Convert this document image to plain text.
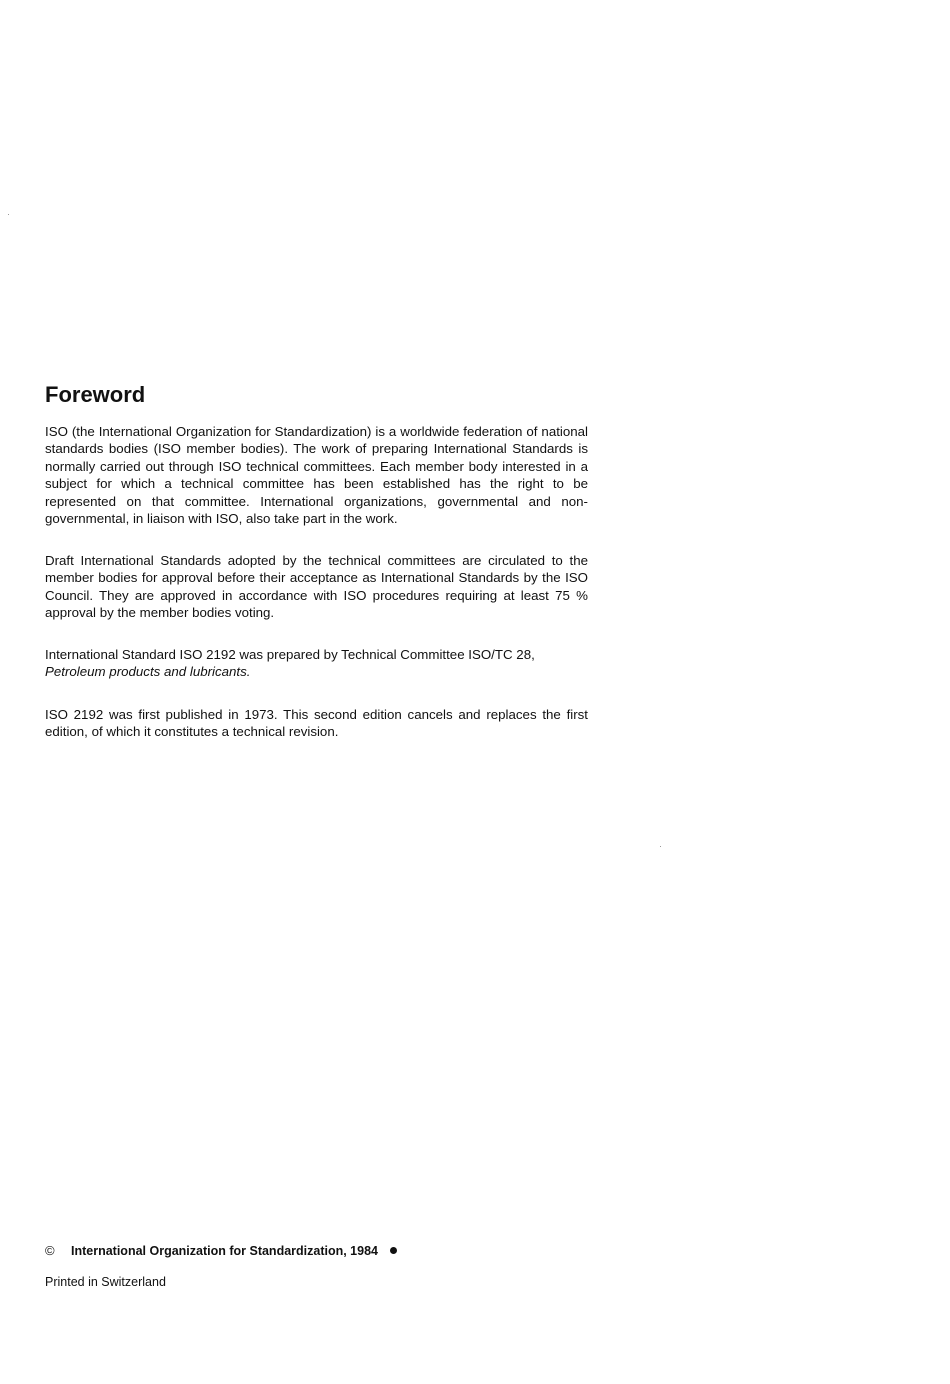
Foreword

ISO (the International Organization for Standardization) is a worldwide federation of national standards bodies (ISO member bodies). The work of preparing International Standards is normally carried out through ISO technical committees. Each member body interested in a subject for which a technical committee has been established has the right to be represented on that committee. International organizations, governmental and non-governmental, in liaison with ISO, also take part in the work.

Draft International Standards adopted by the technical committees are circulated to the member bodies for approval before their acceptance as International Standards by the ISO Council. They are approved in accordance with ISO procedures requiring at least 75 % approval by the member bodies voting.

International Standard ISO 2192 was prepared by Technical Committee ISO/TC 28,
Petroleum products and lubricants.

ISO 2192 was first published in 1973. This second edition cancels and replaces the first edition, of which it constitutes a technical revision.

© International Organization for Standardization, 1984
Printed in Switzerland
